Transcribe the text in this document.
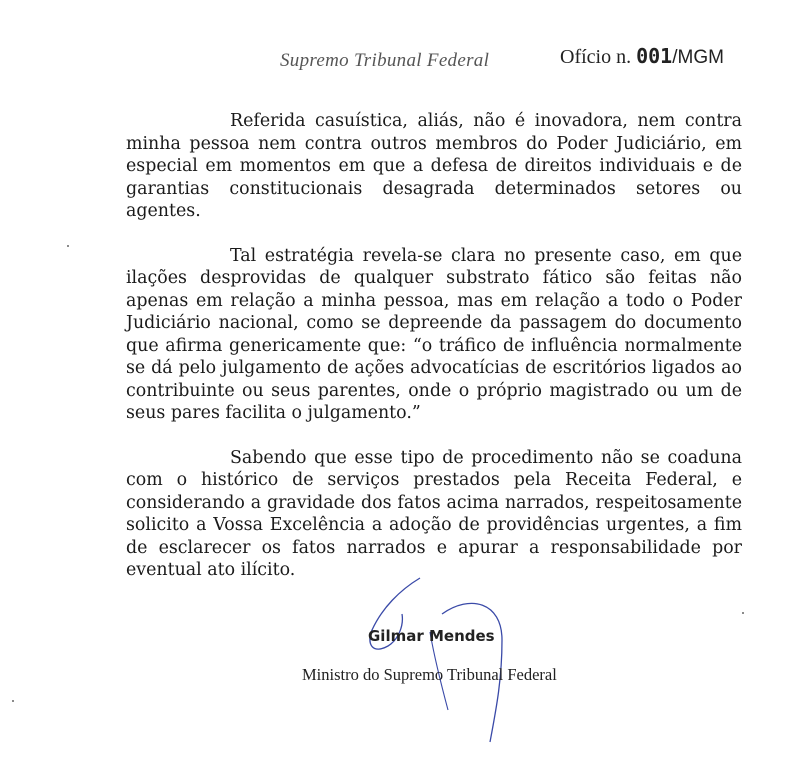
Supremo Tribunal Federal	Ofício n. 001/MGM

Referida casuística, aliás, não é inovadora, nem contra minha pessoa nem contra outros membros do Poder Judiciário, em especial em momentos em que a defesa de direitos individuais e de garantias constitucionais desagrada determinados setores ou agentes.

Tal estratégia revela-se clara no presente caso, em que ilações desprovidas de qualquer substrato fático são feitas não apenas em relação a minha pessoa, mas em relação a todo o Poder Judiciário nacional, como se depreende da passagem do documento que afirma genericamente que: “o tráfico de influência normalmente se dá pelo julgamento de ações advocatícias de escritórios ligados ao contribuinte ou seus parentes, onde o próprio magistrado ou um de seus pares facilita o julgamento.”

Sabendo que esse tipo de procedimento não se coaduna com o histórico de serviços prestados pela Receita Federal, e considerando a gravidade dos fatos acima narrados, respeitosamente solicito a Vossa Excelência a adoção de providências urgentes, a fim de esclarecer os fatos narrados e apurar a responsabilidade por eventual ato ilícito.

Gilmar Mendes
Ministro do Supremo Tribunal Federal
